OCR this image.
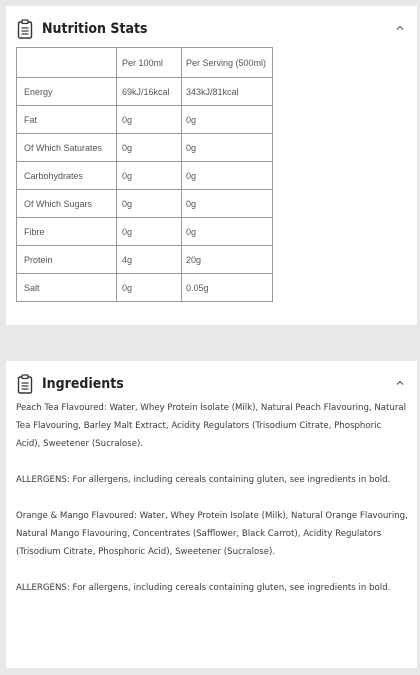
Nutrition Stats
	Per 100ml	Per Serving (500ml)
Energy	69kJ/16kcal	343kJ/81kcal
Fat	0g	0g
Of Which Saturates	0g	0g
Carbohydrates	0g	0g
Of Which Sugars	0g	0g
Fibre	0g	0g
Protein	4g	20g
Salt	0g	0.05g
Ingredients

Peach Tea Flavoured: Water, Whey Protein Isolate (Milk), Natural Peach Flavouring, Natural Tea Flavouring, Barley Malt Extract, Acidity Regulators (Trisodium Citrate, Phosphoric Acid), Sweetener (Sucralose).

ALLERGENS: For allergens, including cereals containing gluten, see ingredients in bold.

Orange & Mango Flavoured: Water, Whey Protein Isolate (Milk), Natural Orange Flavouring, Natural Mango Flavouring, Concentrates (Safflower, Black Carrot), Acidity Regulators (Trisodium Citrate, Phosphoric Acid), Sweetener (Sucralose).

ALLERGENS: For allergens, including cereals containing gluten, see ingredients in bold.
